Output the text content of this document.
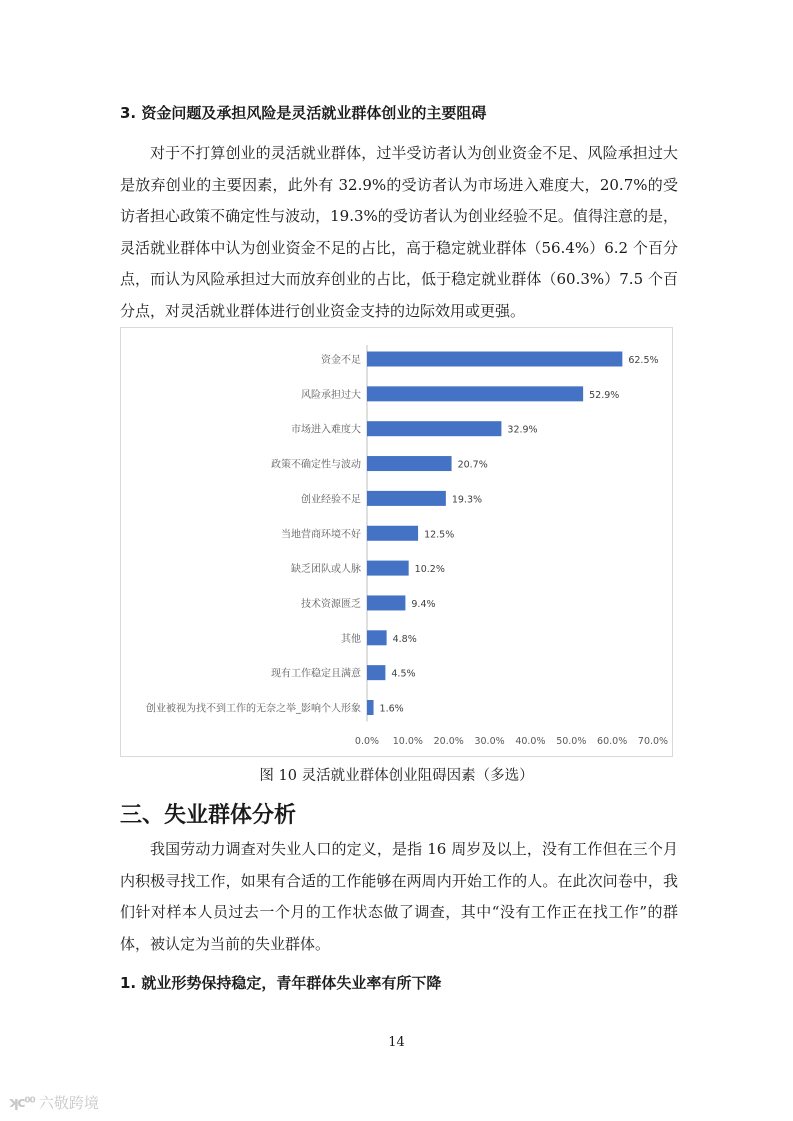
3. 资金问题及承担风险是灵活就业群体创业的主要阻碍

对于不打算创业的灵活就业群体，过半受访者认为创业资金不足、风险承担过大是放弃创业的主要因素，此外有 32.9%的受访者认为市场进入难度大，20.7%的受访者担心政策不确定性与波动，19.3%的受访者认为创业经验不足。值得注意的是，灵活就业群体中认为创业资金不足的占比，高于稳定就业群体（56.4%）6.2 个百分点，而认为风险承担过大而放弃创业的占比，低于稳定就业群体（60.3%）7.5 个百分点，对灵活就业群体进行创业资金支持的边际效用或更强。

资金不足	62.5%
风险承担过大	52.9%
市场进入难度大	32.9%
政策不确定性与波动	20.7%
创业经验不足	19.3%
当地营商环境不好	12.5%
缺乏团队或人脉	10.2%
技术资源匮乏	9.4%
其他	4.8%
现有工作稳定且满意	4.5%
创业被视为找不到工作的无奈之举_影响个人形象 1.6%
0.0% 10.0% 20.0% 30.0% 40.0% 50.0% 60.0% 70.0%
图 10 灵活就业群体创业阻碍因素（多选）
三、失业群体分析

我国劳动力调查对失业人口的定义，是指 16 周岁及以上，没有工作但在三个月内积极寻找工作，如果有合适的工作能够在两周内开始工作的人。在此次问卷中，我们针对样本人员过去一个月的工作状态做了调查，其中“没有工作正在找工作”的群体，被认定为当前的失业群体。

1. 就业形势保持稳定，青年群体失业率有所下降
14
ʞᴄ⁰⁰ 六敬跨境
